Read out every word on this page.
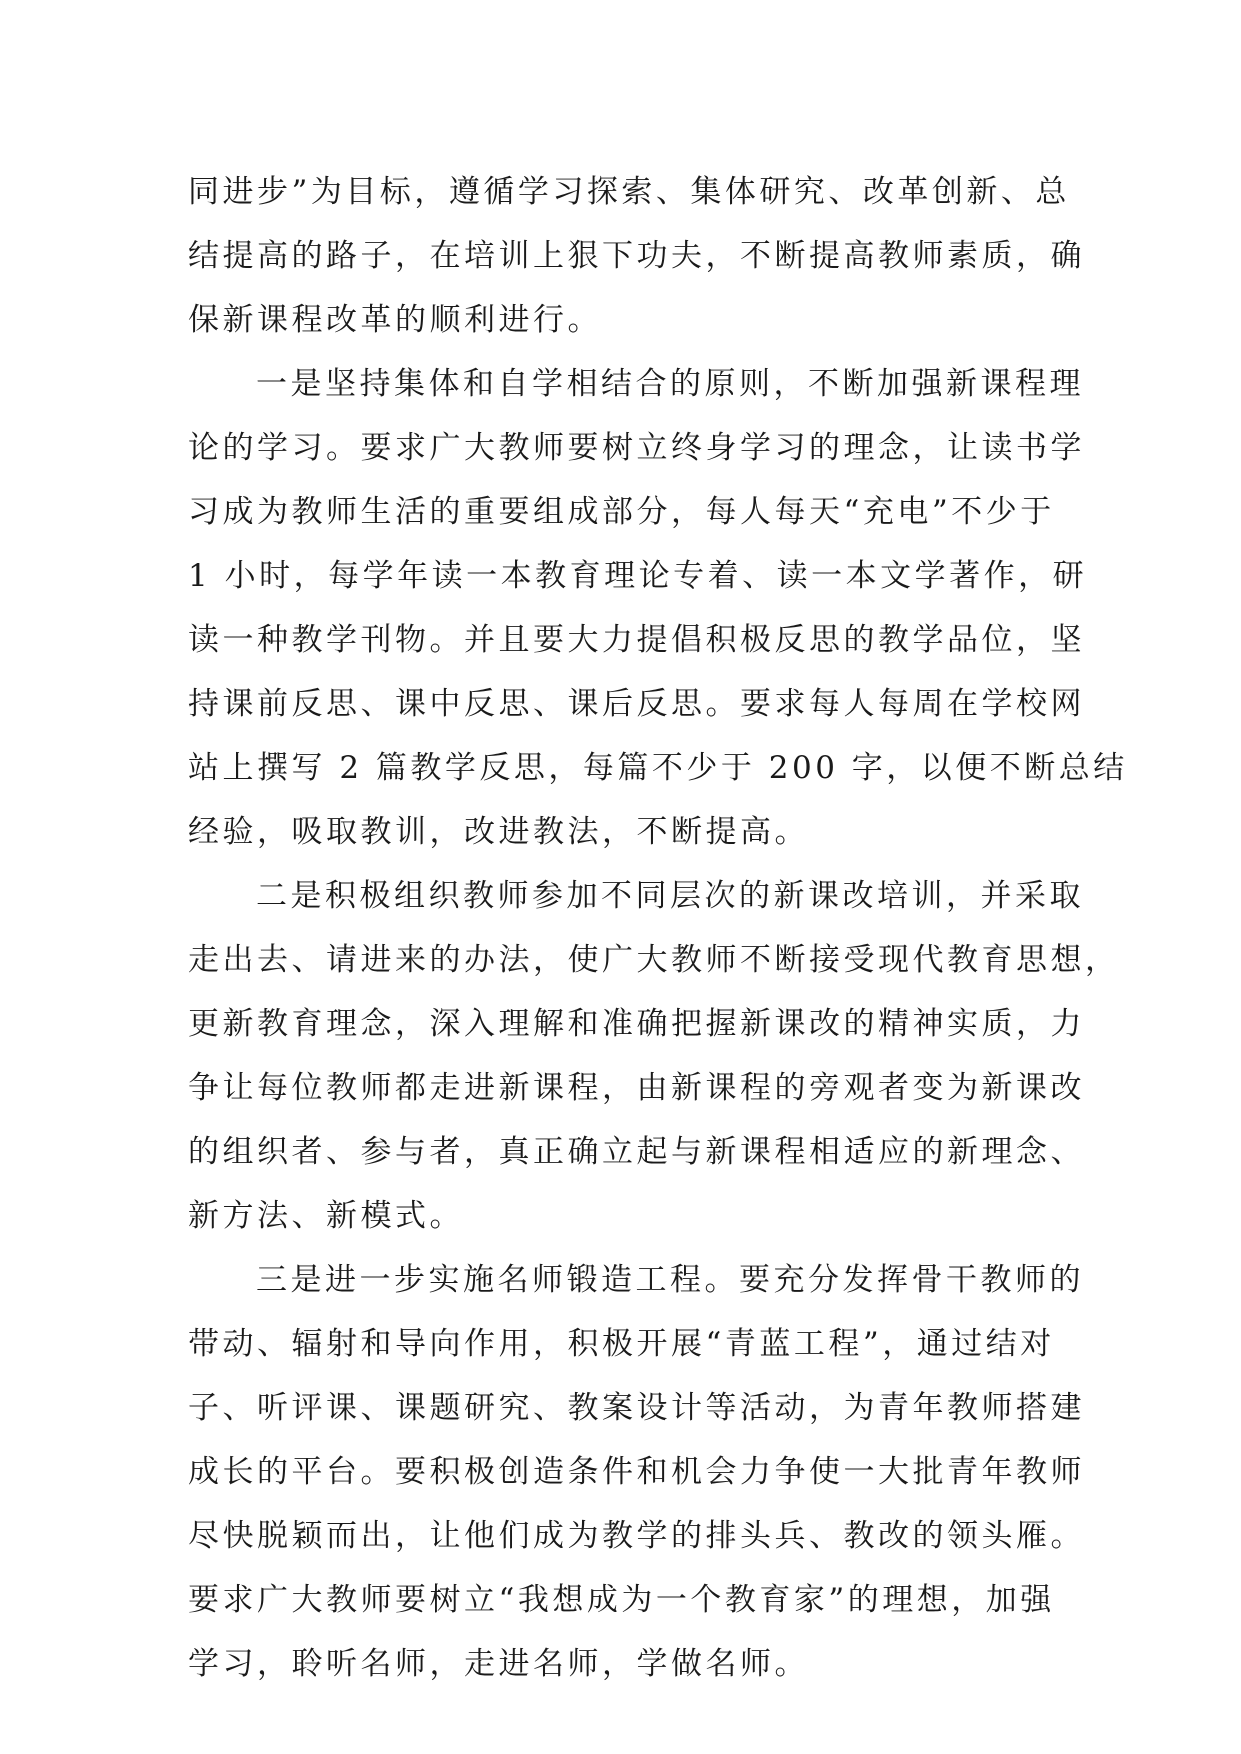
同进步”为目标，遵循学习探索、集体研究、改革创新、总
结提高的路子，在培训上狠下功夫，不断提高教师素质，确
保新课程改革的顺利进行。
一是坚持集体和自学相结合的原则，不断加强新课程理
论的学习。要求广大教师要树立终身学习的理念，让读书学
习成为教师生活的重要组成部分，每人每天“充电”不少于
1 小时，每学年读一本教育理论专着、读一本文学著作，研
读一种教学刊物。并且要大力提倡积极反思的教学品位，坚
持课前反思、课中反思、课后反思。要求每人每周在学校网
站上撰写 2 篇教学反思，每篇不少于 200 字，以便不断总结
经验，吸取教训，改进教法，不断提高。
二是积极组织教师参加不同层次的新课改培训，并采取
走出去、请进来的办法，使广大教师不断接受现代教育思想，
更新教育理念，深入理解和准确把握新课改的精神实质，力
争让每位教师都走进新课程，由新课程的旁观者变为新课改
的组织者、参与者，真正确立起与新课程相适应的新理念、
新方法、新模式。
三是进一步实施名师锻造工程。要充分发挥骨干教师的
带动、辐射和导向作用，积极开展“青蓝工程”，通过结对
子、听评课、课题研究、教案设计等活动，为青年教师搭建
成长的平台。要积极创造条件和机会力争使一大批青年教师
尽快脱颖而出，让他们成为教学的排头兵、教改的领头雁。
要求广大教师要树立“我想成为一个教育家”的理想，加强
学习，聆听名师，走进名师，学做名师。
